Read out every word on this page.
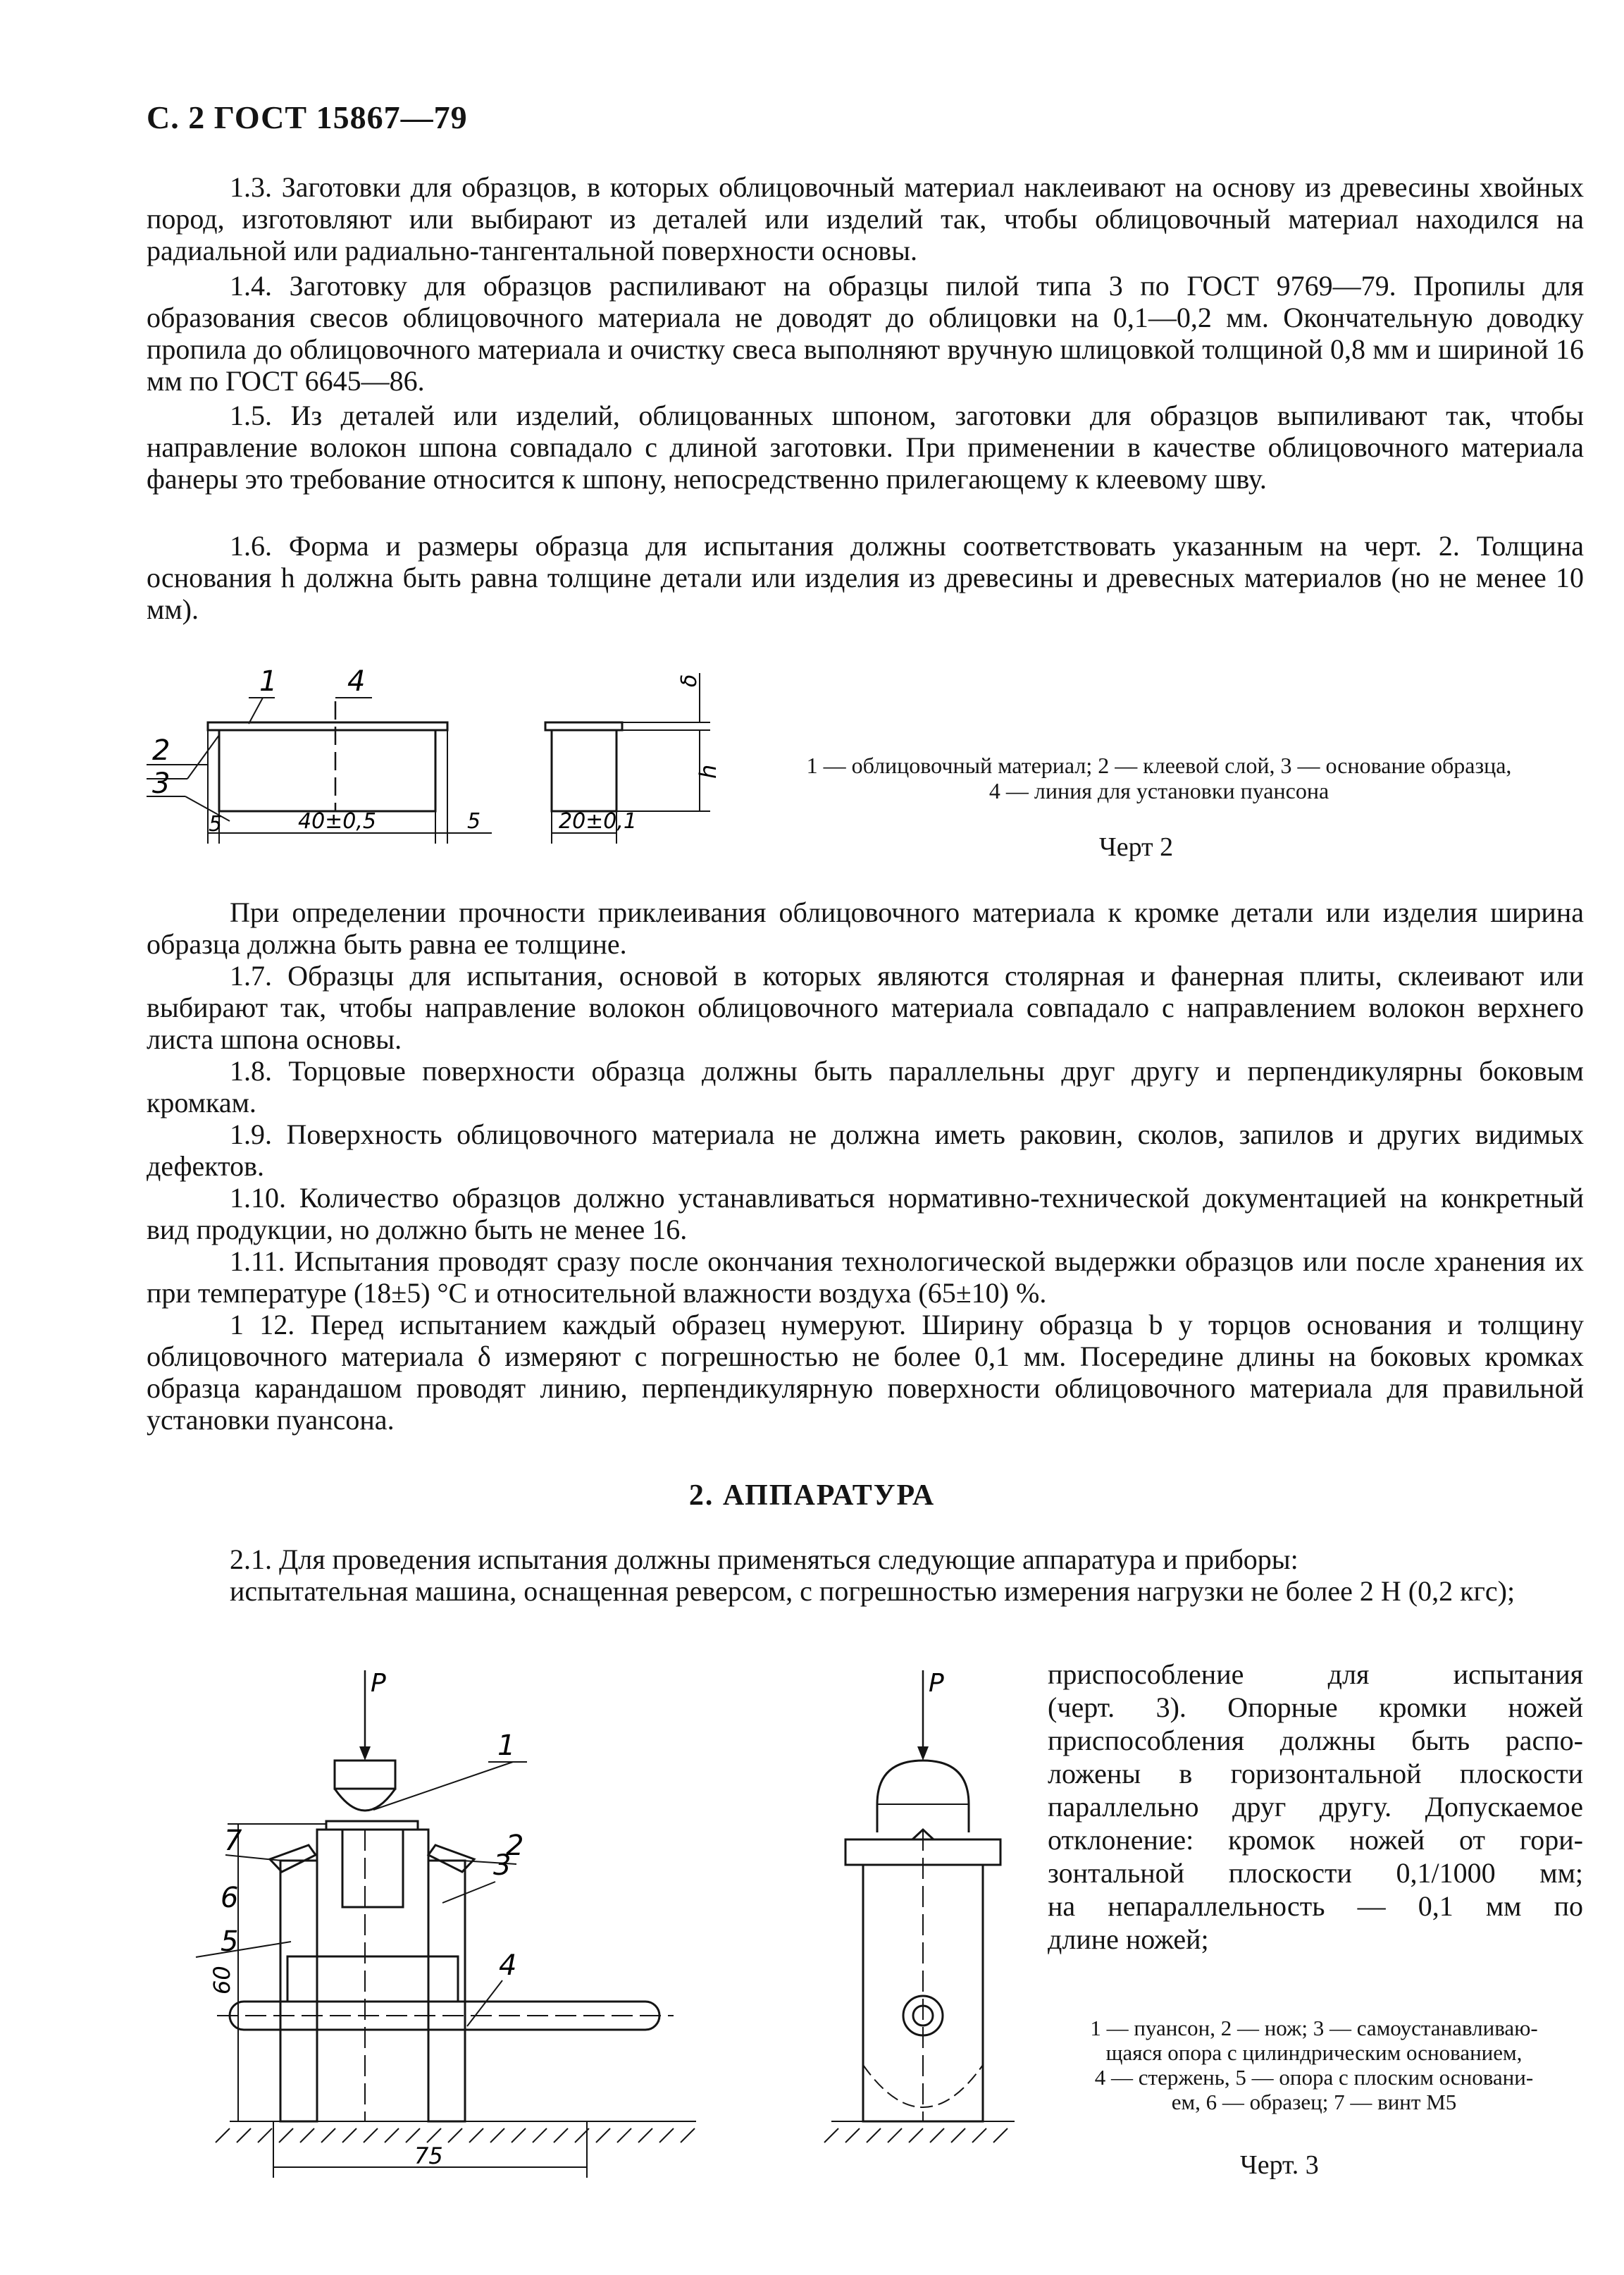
С. 2 ГОСТ 15867—79

1.3. Заготовки для образцов, в которых облицовочный материал наклеивают на основу из древесины хвойных пород, изготовляют или выбирают из деталей или изделий так, чтобы облицовочный материал находился на радиальной или радиально-тангентальной поверхности основы.

1.4. Заготовку для образцов распиливают на образцы пилой типа 3 по ГОСТ 9769—79. Пропилы для образования свесов облицовочного материала не доводят до облицовки на 0,1—0,2 мм. Окончательную доводку пропила до облицовочного материала и очистку свеса выполняют вручную шлицовкой толщиной 0,8 мм и шириной 16 мм по ГОСТ 6645—86.

1.5. Из деталей или изделий, облицованных шпоном, заготовки для образцов выпиливают так, чтобы направление волокон шпона совпадало с длиной заготовки. При применении в качестве облицовочного материала фанеры это требование относится к шпону, непосредственно прилегающему к клеевому шву.

1.6. Форма и размеры образца для испытания должны соответствовать указанным на черт. 2. Толщина основания h должна быть равна толщине детали или изделия из древесины и древесных материалов (но не менее 10 мм).

1 4
2
3
5	40±0,5	5	20±0,1
δ
h	1 — облицовочный материал; 2 — клеевой слой, 3 — основание образца,
4 — линия для установки пуансона
Черт 2

При определении прочности приклеивания облицовочного материала к кромке детали или изделия ширина образца должна быть равна ее толщине.

1.7. Образцы для испытания, основой в которых являются столярная и фанерная плиты, склеивают или выбирают так, чтобы направление волокон облицовочного материала совпадало с направлением волокон верхнего листа шпона основы.

1.8. Торцовые поверхности образца должны быть параллельны друг другу и перпендикулярны боковым кромкам.

1.9. Поверхность облицовочного материала не должна иметь раковин, сколов, запилов и других видимых дефектов.

1.10. Количество образцов должно устанавливаться нормативно-технической документацией на конкретный вид продукции, но должно быть не менее 16.

1.11. Испытания проводят сразу после окончания технологической выдержки образцов или после хранения их при температуре (18±5) °С и относительной влажности воздуха (65±10) %.

1 12. Перед испытанием каждый образец нумеруют. Ширину образца b у торцов основания и толщину облицовочного материала δ измеряют с погрешностью не более 0,1 мм. Посередине длины на боковых кромках образца карандашом проводят линию, перпендикулярную поверхности облицовочного материала для правильной установки пуансона.

2. АППАРАТУРА

2.1. Для проведения испытания должны применяться следующие аппаратура и приборы:

испытательная машина, оснащенная реверсом, с погрешностью измерения нагрузки не более 2 Н (0,2 кгс);

P
1
2
3
4
5
6
7
60
75
P	приспособление для испытания
(черт. 3). Опорные кромки ножей
приспособления должны быть распо-
ложены в горизонтальной плоскости
параллельно друг другу. Допускаемое
отклонение: кромок ножей от гори-
зонтальной плоскости 0,1/1000 мм;
на непараллельность — 0,1 мм по
длине ножей;

1 — пуансон, 2 — нож; 3 — самоустанавливаю-
щаяся опора с цилиндрическим основанием,
4 — стержень, 5 — опора с плоским основани-
ем, 6 — образец; 7 — винт М5
Черт. 3
